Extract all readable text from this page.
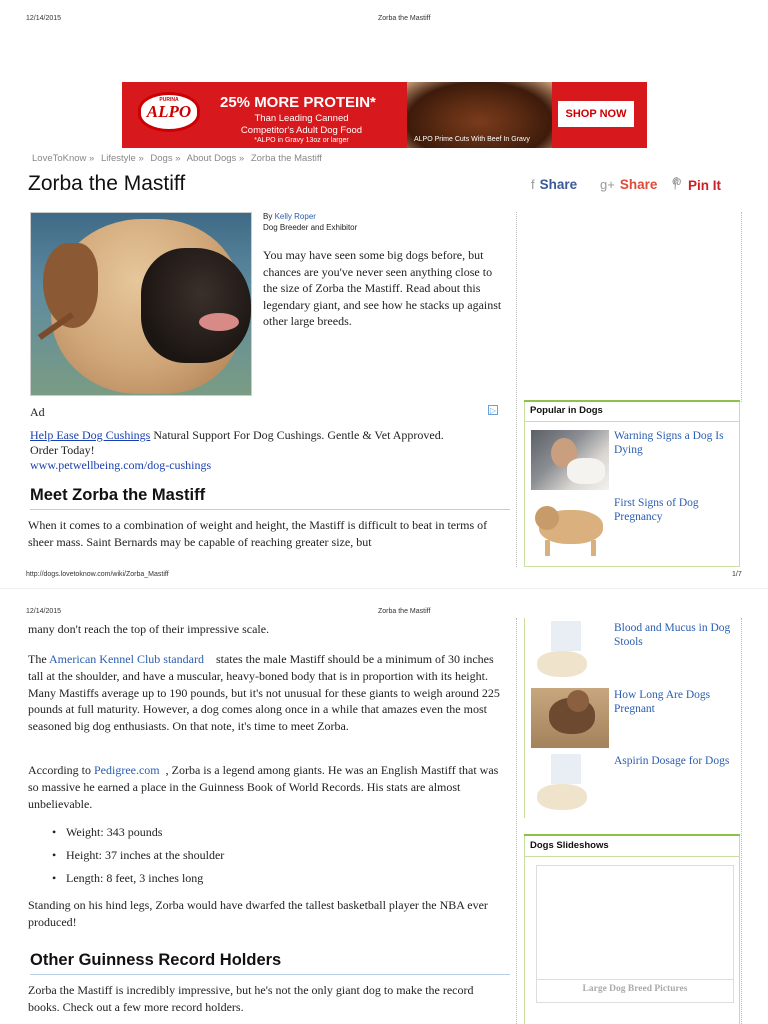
12/14/2015	Zorba the Mastiff
PURINA
ALPO 25% MORE PROTEIN*
Than Leading Canned Competitor's Adult Dog Food
*ALPO in Gravy 13oz or larger	ALPO Prime Cuts With Beef In Gravy
SHOP NOW
LoveToKnow » Lifestyle » Dogs » About Dogs » Zorba the Mastiff
Zorba the Mastiff	f Share g+ Share Pin It
By Kelly Roper
Dog Breeder and Exhibitor
You may have seen some big dogs before, but chances are you've never seen anything close to the size of Zorba the Mastiff. Read about this legendary giant, and see how he stacks up against other large breeds.
Ad	▷
Help Ease Dog Cushings Natural Support For Dog Cushings. Gentle & Vet Approved. Order Today!
www.petwellbeing.com/dog-cushings
Meet Zorba the Mastiff
When it comes to a combination of weight and height, the Mastiff is difficult to beat in terms of sheer mass. Saint Bernards may be capable of reaching greater size, but
Popular in Dogs
Warning Signs a Dog Is Dying
First Signs of Dog Pregnancy
http://dogs.lovetoknow.com/wiki/Zorba_Mastiff	1/7
12/14/2015	Zorba the Mastiff
many don't reach the top of their impressive scale.
The American Kennel Club standard states the male Mastiff should be a minimum of 30 inches tall at the shoulder, and have a muscular, heavy-boned body that is in proportion with its height. Many Mastiffs average up to 190 pounds, but it's not unusual for these giants to weigh around 225 pounds at full maturity. However, a dog comes along once in a while that amazes even the most seasoned big dog enthusiasts. On that note, it's time to meet Zorba.
According to Pedigree.com , Zorba is a legend among giants. He was an English Mastiff that was so massive he earned a place in the Guinness Book of World Records. His stats are almost unbelievable.
• Weight: 343 pounds
• Height: 37 inches at the shoulder
• Length: 8 feet, 3 inches long
Standing on his hind legs, Zorba would have dwarfed the tallest basketball player the NBA ever produced!
Other Guinness Record Holders
Zorba the Mastiff is incredibly impressive, but he's not the only giant dog to make the record books. Check out a few more record holders.
Blood and Mucus in Dog Stools
How Long Are Dogs Pregnant
Aspirin Dosage for Dogs
Dogs Slideshows
Large Dog Breed Pictures
